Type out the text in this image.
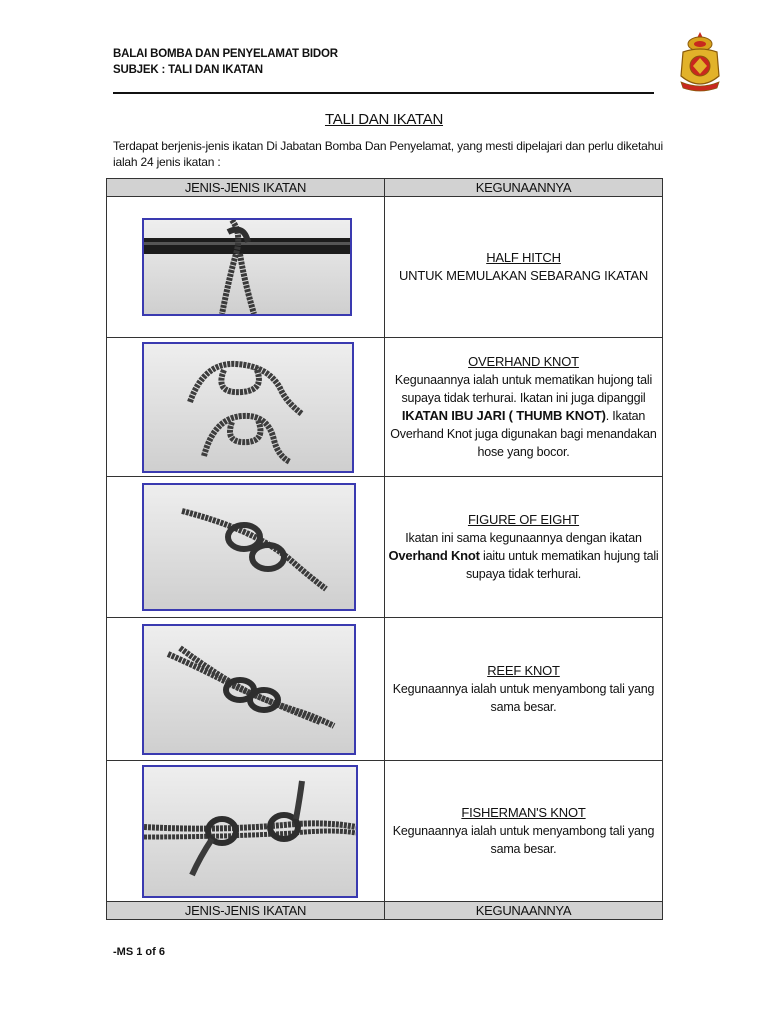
BALAI BOMBA DAN PENYELAMAT BIDOR
SUBJEK : TALI DAN IKATAN
TALI DAN IKATAN
Terdapat berjenis-jenis ikatan Di Jabatan Bomba Dan Penyelamat, yang mesti dipelajari dan perlu diketahui ialah 24 jenis ikatan :
JENIS-JENIS IKATAN	KEGUNAANNYA

HALF HITCH
UNTUK MEMULAKAN SEBARANG IKATAN

OVERHAND KNOT
Kegunaannya ialah untuk mematikan hujong tali supaya tidak terhurai. Ikatan ini juga dipanggil IKATAN IBU JARI ( THUMB KNOT). Ikatan Overhand Knot juga digunakan bagi menandakan hose yang bocor.

FIGURE OF EIGHT
Ikatan ini sama kegunaannya dengan ikatan Overhand Knot iaitu untuk mematikan hujung tali supaya tidak terhurai.

REEF KNOT
Kegunaannya ialah untuk menyambong tali yang sama besar.

FISHERMAN'S KNOT
Kegunaannya ialah untuk menyambong tali yang sama besar.

JENIS-JENIS IKATAN	KEGUNAANNYA
-MS 1 of 6
